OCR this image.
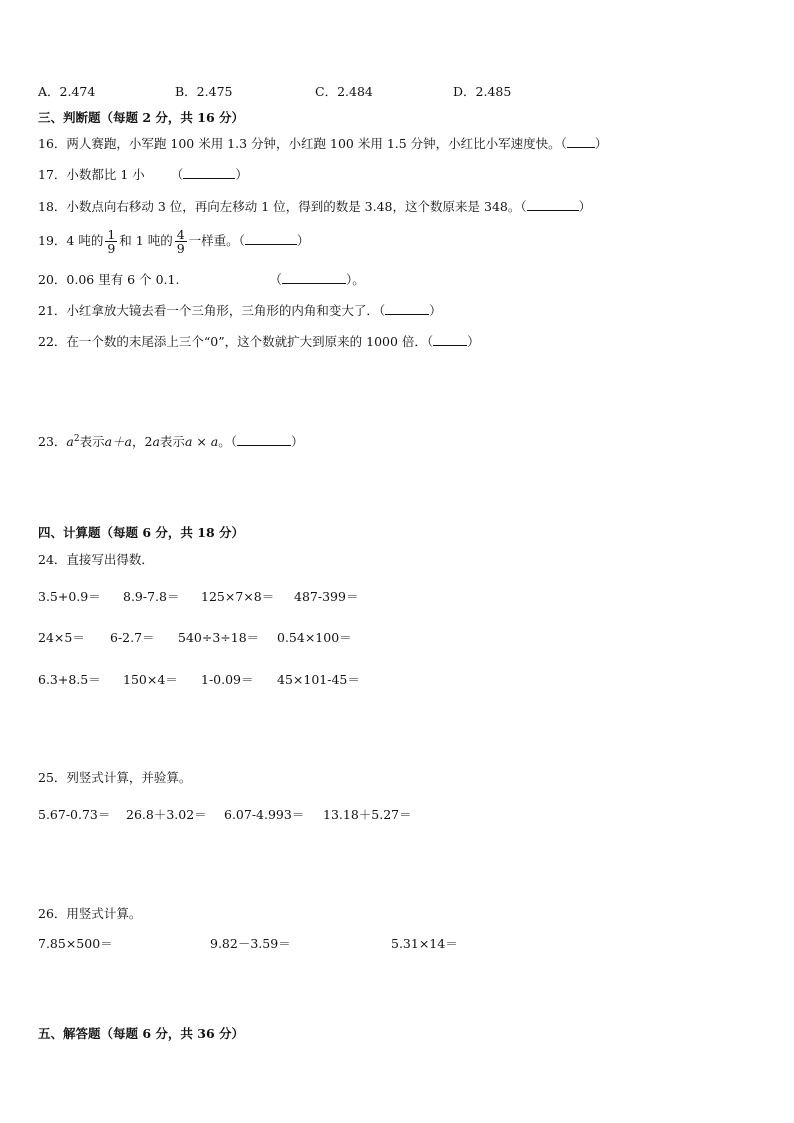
A．2.474	B．2.475	C．2.484	D．2.485
三、判断题（每题 2 分，共 16 分）
16．两人赛跑，小军跑 100 米用 1.3 分钟，小红跑 100 米用 1.5 分钟，小红比小军速度快。（ ）
17．小数都比 1 小 （	）
18．小数点向右移动 3 位，再向左移动 1 位，得到的数是 3.48，这个数原来是 348。（	）
19．4 吨的 $\frac{1}{9}$ 和 1 吨的 $\frac{4}{9}$ 一样重。（	）
20．0.06 里有 6 个 0.1.	（	）。
21．小红拿放大镜去看一个三角形，三角形的内角和变大了．（	）
22．在一个数的末尾添上三个“0”，这个数就扩大到原来的 1000 倍．（	）
23．$a^2$表示a＋a，2a表示a × a。（	）
四、计算题（每题 6 分，共 18 分）
24．直接写出得数．
3.5+0.9＝ 8.9-7.8＝ 125×7×8＝ 487-399＝
24×5＝ 6-2.7＝ 540÷3÷18＝ 0.54×100＝
6.3+8.5＝ 150×4＝ 1-0.09＝ 45×101-45＝
25．列竖式计算，并验算。
5.67-0.73＝ 26.8＋3.02＝ 6.07-4.993＝ 13.18＋5.27＝
26．用竖式计算。
7.85×500＝	9.82－3.59＝	5.31×14＝
五、解答题（每题 6 分，共 36 分）
